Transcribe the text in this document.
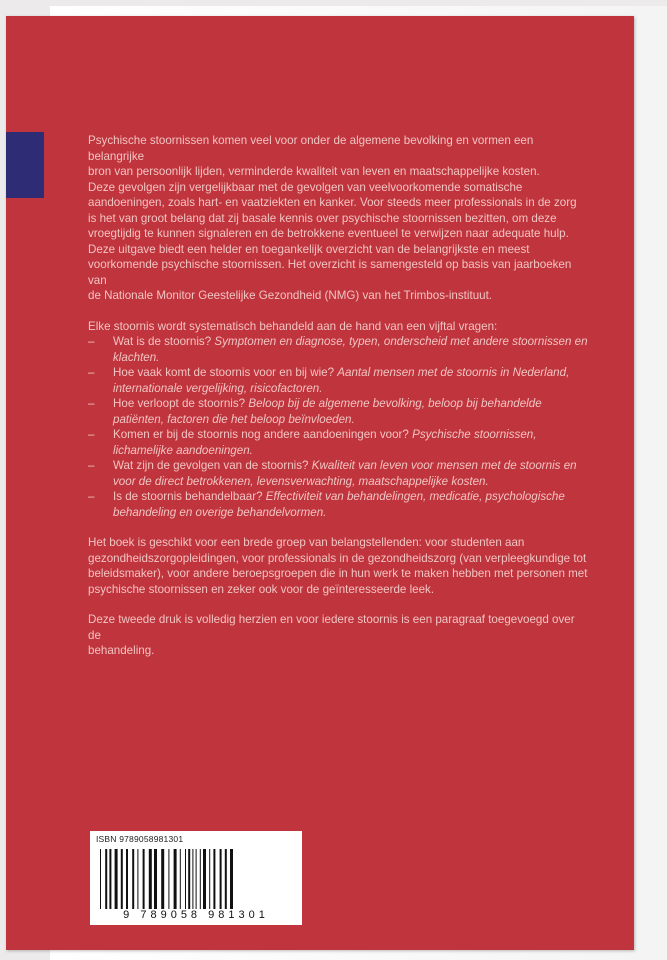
Psychische stoornissen komen veel voor onder de algemene bevolking en vormen een belangrijke

bron van persoonlijk lijden, verminderde kwaliteit van leven en maatschappelijke kosten.

Deze gevolgen zijn vergelijkbaar met de gevolgen van veelvoorkomende somatische

aandoeningen, zoals hart- en vaatziekten en kanker. Voor steeds meer professionals in de zorg

is het van groot belang dat zij basale kennis over psychische stoornissen bezitten, om deze

vroegtijdig te kunnen signaleren en de betrokkene eventueel te verwijzen naar adequate hulp.

Deze uitgave biedt een helder en toegankelijk overzicht van de belangrijkste en meest

voorkomende psychische stoornissen. Het overzicht is samengesteld op basis van jaarboeken van

de Nationale Monitor Geestelijke Gezondheid (NMG) van het Trimbos-instituut.

Elke stoornis wordt systematisch behandeld aan de hand van een vijftal vragen:

– Wat is de stoornis? Symptomen en diagnose, typen, onderscheid met andere stoornissen en klachten.
– Hoe vaak komt de stoornis voor en bij wie? Aantal mensen met de stoornis in Nederland, internationale vergelijking, risicofactoren.
– Hoe verloopt de stoornis? Beloop bij de algemene bevolking, beloop bij behandelde patiënten, factoren die het beloop beïnvloeden.
– Komen er bij de stoornis nog andere aandoeningen voor? Psychische stoornissen, lichamelijke aandoeningen.
– Wat zijn de gevolgen van de stoornis? Kwaliteit van leven voor mensen met de stoornis en voor de direct betrokkenen, levensverwachting, maatschappelijke kosten.
– Is de stoornis behandelbaar? Effectiviteit van behandelingen, medicatie, psychologische behandeling en overige behandelvormen.

Het boek is geschikt voor een brede groep van belangstellenden: voor studenten aan

gezondheidszorgopleidingen, voor professionals in de gezondheidszorg (van verpleegkundige tot

beleidsmaker), voor andere beroepsgroepen die in hun werk te maken hebben met personen met

psychische stoornissen en zeker ook voor de geïnteresseerde leek.

Deze tweede druk is volledig herzien en voor iedere stoornis is een paragraaf toegevoegd over de

behandeling.

ISBN 9789058981301
9 789058 981301
